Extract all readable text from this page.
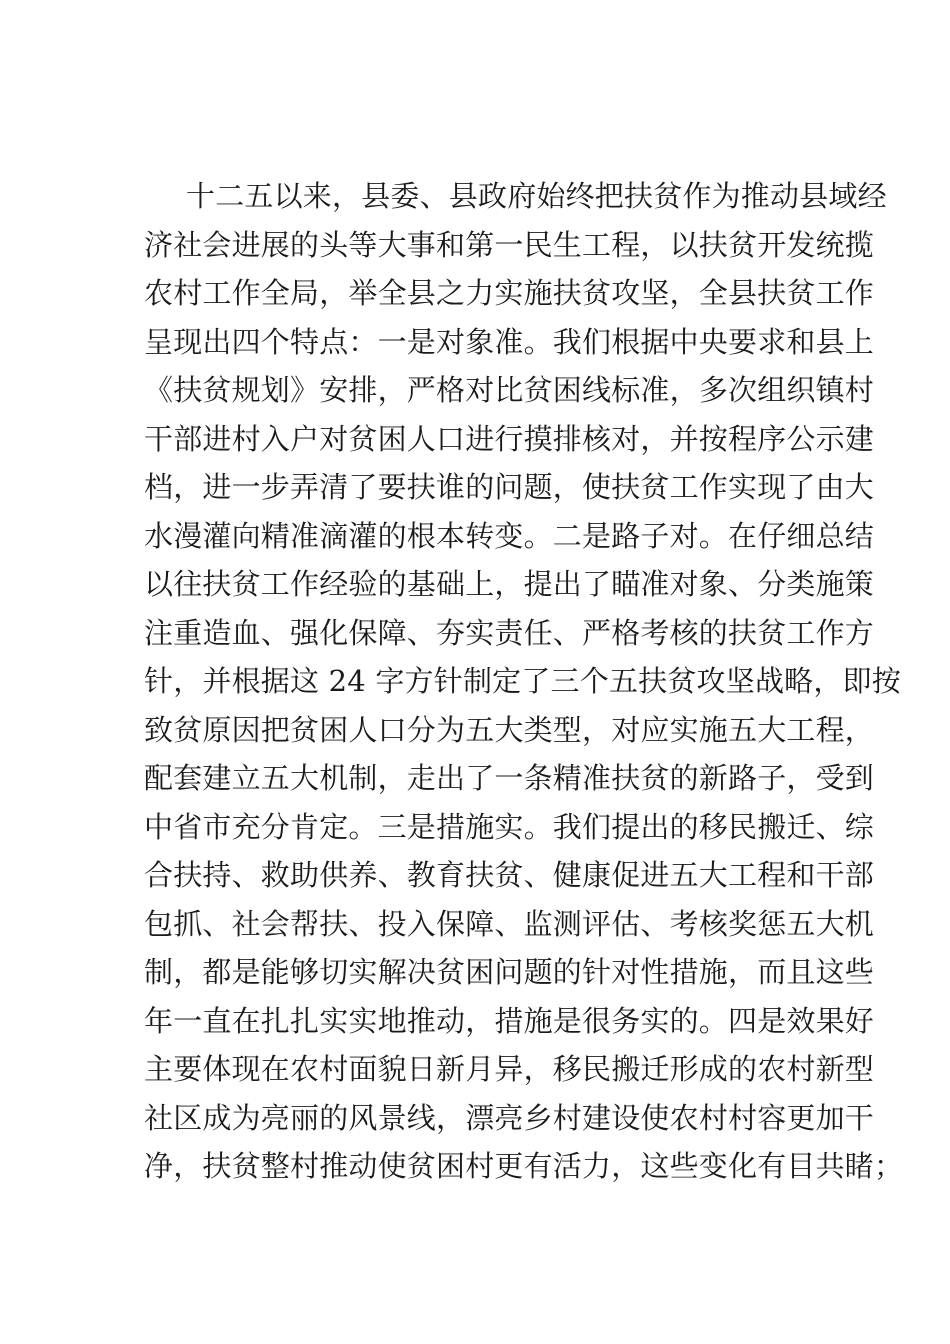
十二五以来，县委、县政府始终把扶贫作为推动县域经
济社会进展的头等大事和第一民生工程，以扶贫开发统揽
农村工作全局，举全县之力实施扶贫攻坚，全县扶贫工作
呈现出四个特点：一是对象准。我们根据中央要求和县上
《扶贫规划》安排，严格对比贫困线标准，多次组织镇村
干部进村入户对贫困人口进行摸排核对，并按程序公示建
档，进一步弄清了要扶谁的问题，使扶贫工作实现了由大
水漫灌向精准滴灌的根本转变。二是路子对。在仔细总结
以往扶贫工作经验的基础上，提出了瞄准对象、分类施策
注重造血、强化保障、夯实责任、严格考核的扶贫工作方
针，并根据这 24 字方针制定了三个五扶贫攻坚战略，即按
致贫原因把贫困人口分为五大类型，对应实施五大工程，
配套建立五大机制，走出了一条精准扶贫的新路子，受到
中省市充分肯定。三是措施实。我们提出的移民搬迁、综
合扶持、救助供养、教育扶贫、健康促进五大工程和干部
包抓、社会帮扶、投入保障、监测评估、考核奖惩五大机
制，都是能够切实解决贫困问题的针对性措施，而且这些
年一直在扎扎实实地推动，措施是很务实的。四是效果好
主要体现在农村面貌日新月异，移民搬迁形成的农村新型
社区成为亮丽的风景线，漂亮乡村建设使农村村容更加干
净，扶贫整村推动使贫困村更有活力，这些变化有目共睹；
